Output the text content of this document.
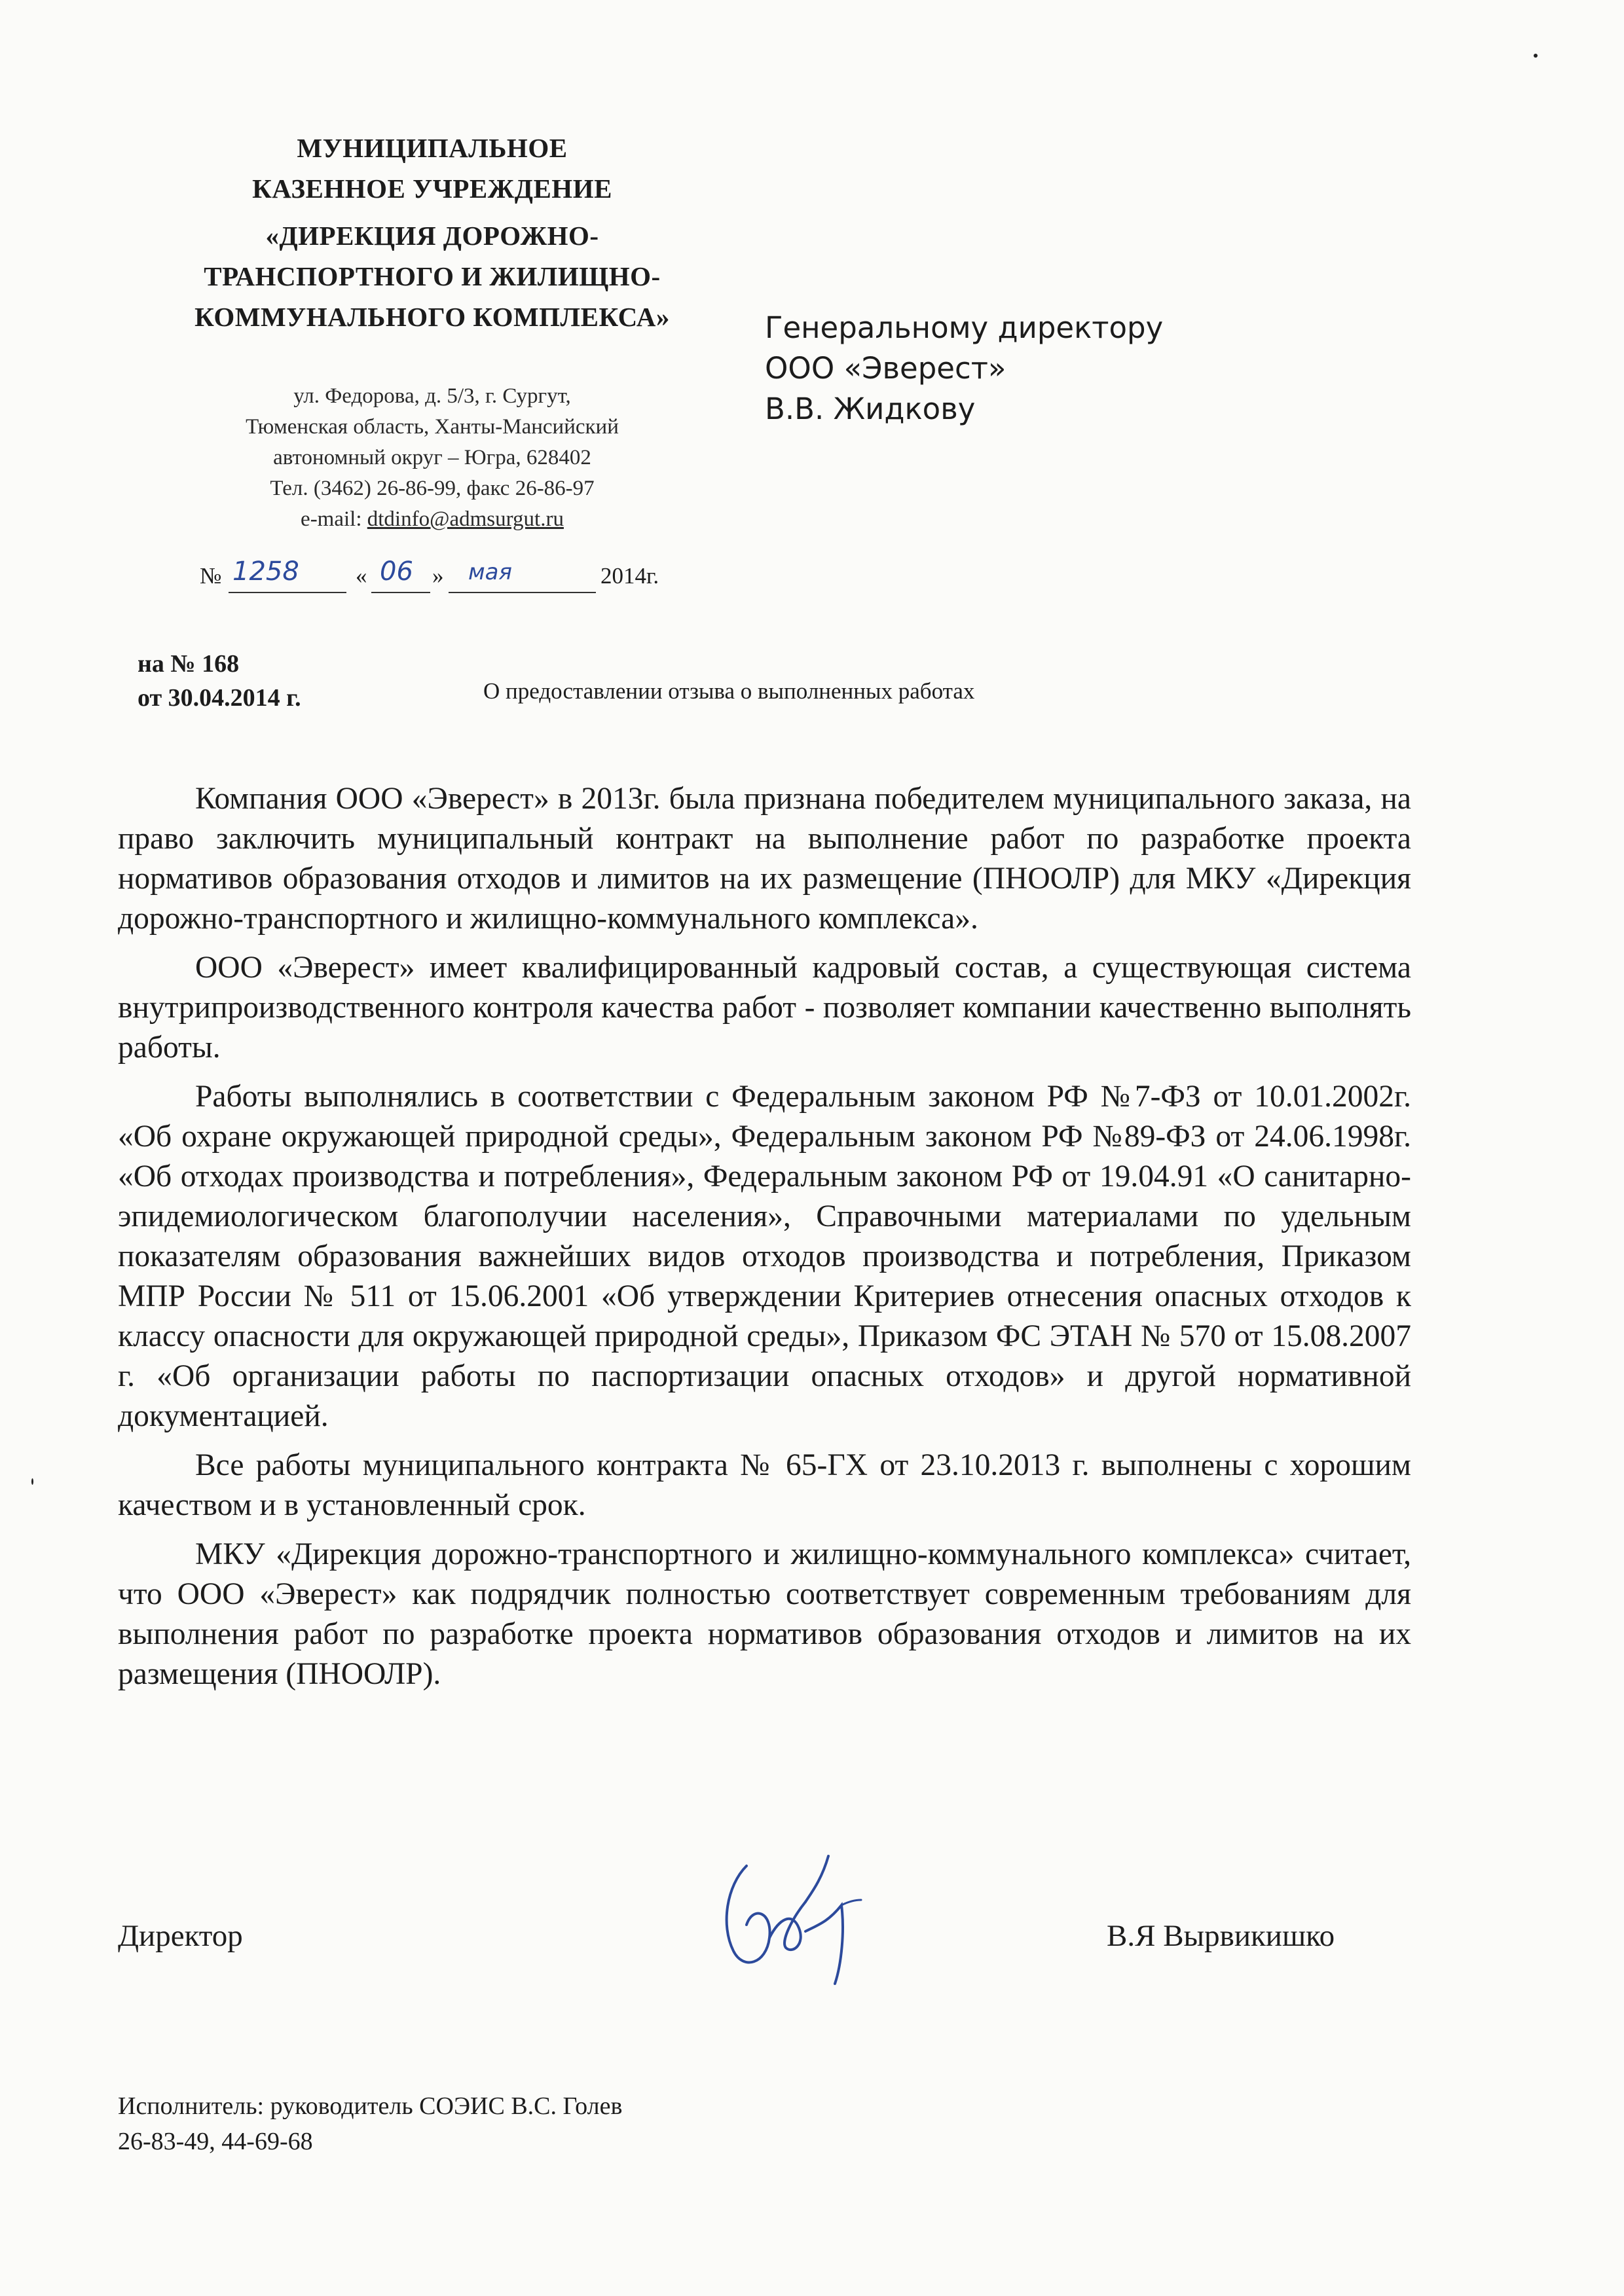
МУНИЦИПАЛЬНОЕ
КАЗЕННОЕ УЧРЕЖДЕНИЕ
«ДИРЕКЦИЯ ДОРОЖНО-
ТРАНСПОРТНОГО И ЖИЛИЩНО-
КОММУНАЛЬНОГО КОМПЛЕКСА»
ул. Федорова, д. 5/3, г. Сургут,
Тюменская область, Ханты-Мансийский
автономный округ – Югра, 628402
Тел. (3462) 26-86-99, факс 26-86-97
e-mail: dtdinfo@admsurgut.ru
№ 1258 « 06 » мая	2014г.
Генеральному директору
ООО «Эверест»
В.В. Жидкову
на № 168
от 30.04.2014 г.	О предоставлении отзыва о выполненных работах

Компания ООО «Эверест» в 2013г. была признана победителем муниципального заказа, на право заключить муниципальный контракт на выполнение работ по разработке проекта нормативов образования отходов и лимитов на их размещение (ПНООЛР) для МКУ «Дирекция дорожно-транспортного и жилищно-коммунального комплекса».

ООО «Эверест» имеет квалифицированный кадровый состав, а существующая система внутрипроизводственного контроля качества работ - позволяет компании качественно выполнять работы.

Работы выполнялись в соответствии с Федеральным законом РФ №7-ФЗ от 10.01.2002г. «Об охране окружающей природной среды», Федеральным законом РФ №89-ФЗ от 24.06.1998г. «Об отходах производства и потребления», Федеральным законом РФ от 19.04.91 «О санитарно-эпидемиологическом благополучии населения», Справочными материалами по удельным показателям образования важнейших видов отходов производства и потребления, Приказом МПР России № 511 от 15.06.2001 «Об утверждении Критериев отнесения опасных отходов к классу опасности для окружающей природной среды», Приказом ФС ЭТАН № 570 от 15.08.2007 г. «Об организации работы по паспортизации опасных отходов» и другой нормативной документацией.

Все работы муниципального контракта № 65-ГХ от 23.10.2013 г. выполнены с хорошим качеством и в установленный срок.

МКУ «Дирекция дорожно-транспортного и жилищно-коммунального комплекса» считает, что ООО «Эверест» как подрядчик полностью соответствует современным требованиям для выполнения работ по разработке проекта нормативов образования отходов и лимитов на их размещения (ПНООЛР).

Директор	В.Я Вырвикишко
Исполнитель: руководитель СОЭИС В.С. Голев
26-83-49, 44-69-68
